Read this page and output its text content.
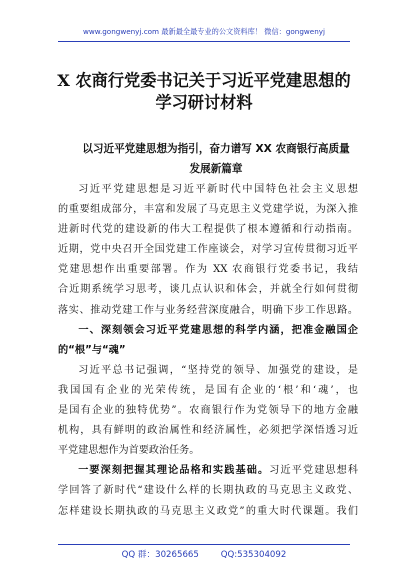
www.gongwenyj.com 最新最全最专业的公文资料库！ 微信：gongwenyj
X 农商行党委书记关于习近平党建思想的
学习研讨材料
以习近平党建思想为指引，奋力谱写 XX 农商银行高质量
发展新篇章
习近平党建思想是习近平新时代中国特色社会主义思想
的重要组成部分，丰富和发展了马克思主义党建学说，为深入推
进新时代党的建设新的伟大工程提供了根本遵循和行动指南。
近期，党中央召开全国党建工作座谈会，对学习宣传贯彻习近平
党建思想作出重要部署。作为 XX 农商银行党委书记，我结
合近期系统学习思考，谈几点认识和体会，并就全行如何贯彻
落实、推动党建工作与业务经营深度融合，明确下步工作思路。
一、深刻领会习近平党建思想的科学内涵，把准金融国企
的“根”与“魂”
习近平总书记强调，“坚持党的领导、加强党的建设，是
我国国有企业的光荣传统，是国有企业的‘根’和‘魂’，也
是国有企业的独特优势”。农商银行作为党领导下的地方金融
机构，具有鲜明的政治属性和经济属性，必须把学深悟透习近
平党建思想作为首要政治任务。
一要深刻把握其理论品格和实践基础。习近平党建思想科
学回答了新时代“建设什么样的长期执政的马克思主义政党、
怎样建设长期执政的马克思主义政党”的重大时代课题。我们
QQ 群：30265665        QQ:535304092
